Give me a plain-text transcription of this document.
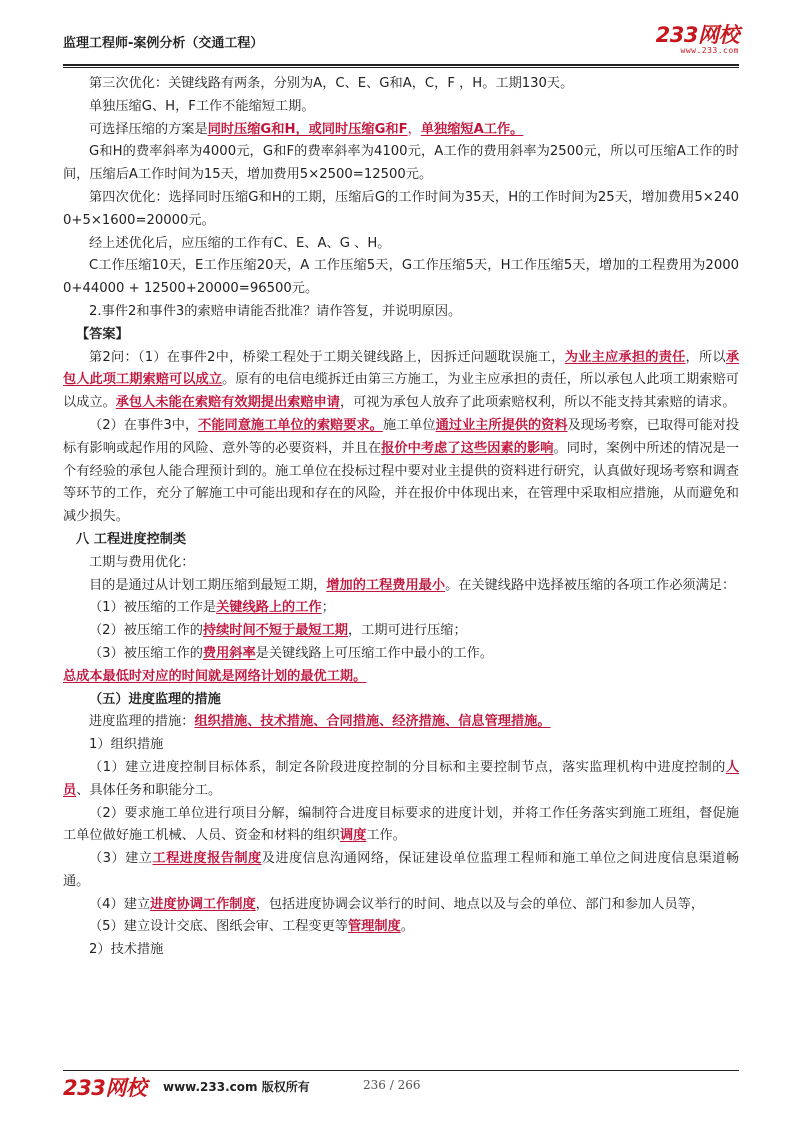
监理工程师-案例分析（交通工程）	233网校
www.233.com

第三次优化：关键线路有两条，分别为A，C、E、G和A，C，F ，H。工期130天。

单独压缩G、H，F工作不能缩短工期。

可选择压缩的方案是同时压缩G和H，或同时压缩G和F，单独缩短A工作。

G和H的费率斜率为4000元，G和F的费率斜率为4100元，A工作的费用斜率为2500元，所以可压缩A工作的时间，压缩后A工作时间为15天，增加费用5×2500=12500元。

第四次优化：选择同时压缩G和H的工期，压缩后G的工作时间为35天，H的工作时间为25天，增加费用5×2400+5×1600=20000元。

经上述优化后，应压缩的工作有C、E、A、G 、H。

C工作压缩10天，E工作压缩20天，A 工作压缩5天，G工作压缩5天，H工作压缩5天，增加的工程费用为20000+44000 + 12500+20000=96500元。

2.事件2和事件3的索赔申请能否批准？请作答复，并说明原因。

【答案】

第2问：（1）在事件2中，桥梁工程处于工期关键线路上，因拆迁问题耽误施工，为业主应承担的责任，所以承包人此项工期索赔可以成立。原有的电信电缆拆迁由第三方施工，为业主应承担的责任，所以承包人此项工期索赔可以成立。承包人未能在索赔有效期提出索赔申请，可视为承包人放弃了此项索赔权利，所以不能支持其索赔的请求。

（2）在事件3中，不能同意施工单位的索赔要求。施工单位通过业主所提供的资料及现场考察，已取得可能对投标有影响或起作用的风险、意外等的必要资料，并且在报价中考虑了这些因素的影响。同时，案例中所述的情况是一个有经验的承包人能合理预计到的。施工单位在投标过程中要对业主提供的资料进行研究，认真做好现场考察和调查等环节的工作，充分了解施工中可能出现和存在的风险，并在报价中体现出来，在管理中采取相应措施，从而避免和减少损失。

八 工程进度控制类

工期与费用优化：

目的是通过从计划工期压缩到最短工期，增加的工程费用最小。在关键线路中选择被压缩的各项工作必须满足：

（1）被压缩的工作是关键线路上的工作；

（2）被压缩工作的持续时间不短于最短工期，工期可进行压缩；

（3）被压缩工作的费用斜率是关键线路上可压缩工作中最小的工作。

总成本最低时对应的时间就是网络计划的最优工期。

（五）进度监理的措施

进度监理的措施：组织措施、技术措施、合同措施、经济措施、信息管理措施。

1）组织措施

（1）建立进度控制目标体系，制定各阶段进度控制的分目标和主要控制节点，落实监理机构中进度控制的人员、具体任务和职能分工。

（2）要求施工单位进行项目分解，编制符合进度目标要求的进度计划，并将工作任务落实到施工班组，督促施工单位做好施工机械、人员、资金和材料的组织调度工作。

（3）建立工程进度报告制度及进度信息沟通网络，保证建设单位监理工程师和施工单位之间进度信息渠道畅通。

（4）建立进度协调工作制度，包括进度协调会议举行的时间、地点以及与会的单位、部门和参加人员等，

（5）建立设计交底、图纸会审、工程变更等管理制度。

2）技术措施

233网校 www.233.com 版权所有	236 / 266
